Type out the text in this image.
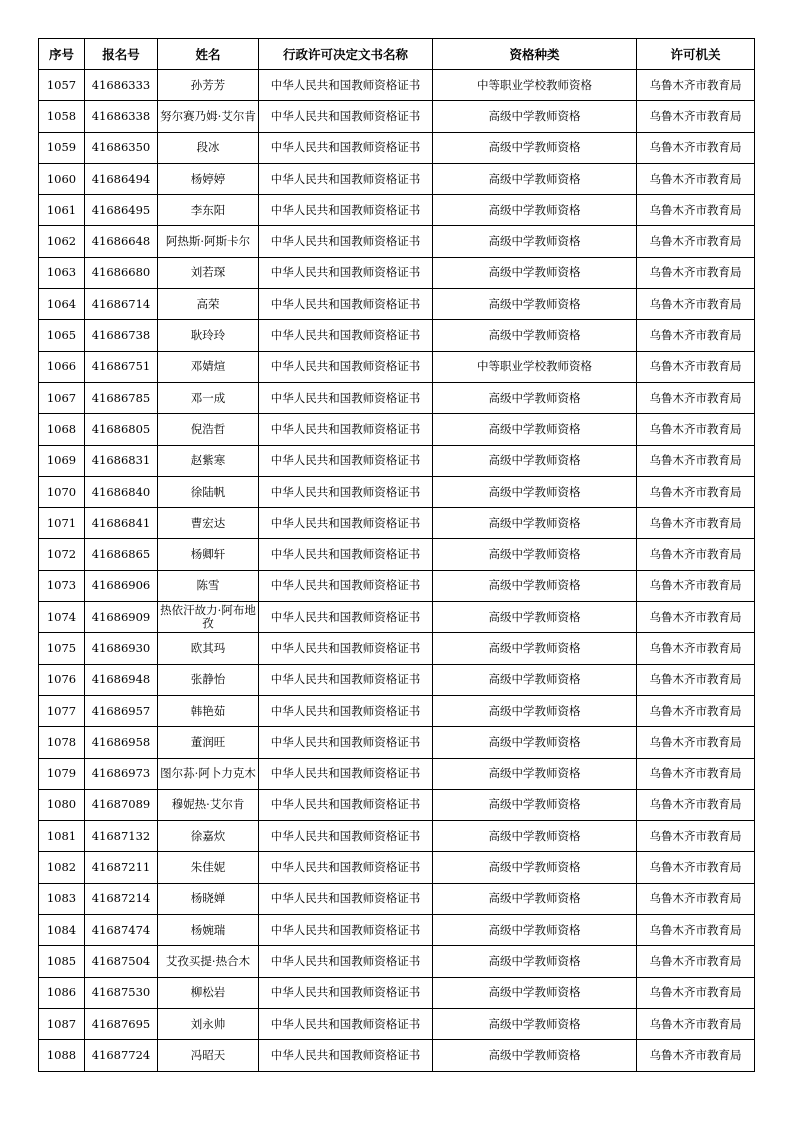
序号	报名号	姓名	行政许可决定文书名称	资格种类	许可机关
1057	41686333	孙芳芳	中华人民共和国教师资格证书	中等职业学校教师资格	乌鲁木齐市教育局
1058	41686338	努尔赛乃姆·艾尔肯	中华人民共和国教师资格证书	高级中学教师资格	乌鲁木齐市教育局
1059	41686350	段冰	中华人民共和国教师资格证书	高级中学教师资格	乌鲁木齐市教育局
1060	41686494	杨婷婷	中华人民共和国教师资格证书	高级中学教师资格	乌鲁木齐市教育局
1061	41686495	李东阳	中华人民共和国教师资格证书	高级中学教师资格	乌鲁木齐市教育局
1062	41686648	阿热斯·阿斯卡尔	中华人民共和国教师资格证书	高级中学教师资格	乌鲁木齐市教育局
1063	41686680	刘若琛	中华人民共和国教师资格证书	高级中学教师资格	乌鲁木齐市教育局
1064	41686714	高荣	中华人民共和国教师资格证书	高级中学教师资格	乌鲁木齐市教育局
1065	41686738	耿玲玲	中华人民共和国教师资格证书	高级中学教师资格	乌鲁木齐市教育局
1066	41686751	邓婧煊	中华人民共和国教师资格证书	中等职业学校教师资格	乌鲁木齐市教育局
1067	41686785	邓一成	中华人民共和国教师资格证书	高级中学教师资格	乌鲁木齐市教育局
1068	41686805	倪浩哲	中华人民共和国教师资格证书	高级中学教师资格	乌鲁木齐市教育局
1069	41686831	赵紫寒	中华人民共和国教师资格证书	高级中学教师资格	乌鲁木齐市教育局
1070	41686840	徐陆帆	中华人民共和国教师资格证书	高级中学教师资格	乌鲁木齐市教育局
1071	41686841	曹宏达	中华人民共和国教师资格证书	高级中学教师资格	乌鲁木齐市教育局
1072	41686865	杨卿轩	中华人民共和国教师资格证书	高级中学教师资格	乌鲁木齐市教育局
1073	41686906	陈雪	中华人民共和国教师资格证书	高级中学教师资格	乌鲁木齐市教育局
1074	41686909	热依汗故力·阿布地孜	中华人民共和国教师资格证书	高级中学教师资格	乌鲁木齐市教育局
1075	41686930	欧其玛	中华人民共和国教师资格证书	高级中学教师资格	乌鲁木齐市教育局
1076	41686948	张静怡	中华人民共和国教师资格证书	高级中学教师资格	乌鲁木齐市教育局
1077	41686957	韩艳茹	中华人民共和国教师资格证书	高级中学教师资格	乌鲁木齐市教育局
1078	41686958	董润旺	中华人民共和国教师资格证书	高级中学教师资格	乌鲁木齐市教育局
1079	41686973	图尔荪·阿卜力克木	中华人民共和国教师资格证书	高级中学教师资格	乌鲁木齐市教育局
1080	41687089	穆妮热·艾尔肯	中华人民共和国教师资格证书	高级中学教师资格	乌鲁木齐市教育局
1081	41687132	徐嘉炊	中华人民共和国教师资格证书	高级中学教师资格	乌鲁木齐市教育局
1082	41687211	朱佳妮	中华人民共和国教师资格证书	高级中学教师资格	乌鲁木齐市教育局
1083	41687214	杨晓婵	中华人民共和国教师资格证书	高级中学教师资格	乌鲁木齐市教育局
1084	41687474	杨婉瑞	中华人民共和国教师资格证书	高级中学教师资格	乌鲁木齐市教育局
1085	41687504	艾孜买提·热合木	中华人民共和国教师资格证书	高级中学教师资格	乌鲁木齐市教育局
1086	41687530	柳松岩	中华人民共和国教师资格证书	高级中学教师资格	乌鲁木齐市教育局
1087	41687695	刘永帅	中华人民共和国教师资格证书	高级中学教师资格	乌鲁木齐市教育局
1088	41687724	冯昭天	中华人民共和国教师资格证书	高级中学教师资格	乌鲁木齐市教育局
